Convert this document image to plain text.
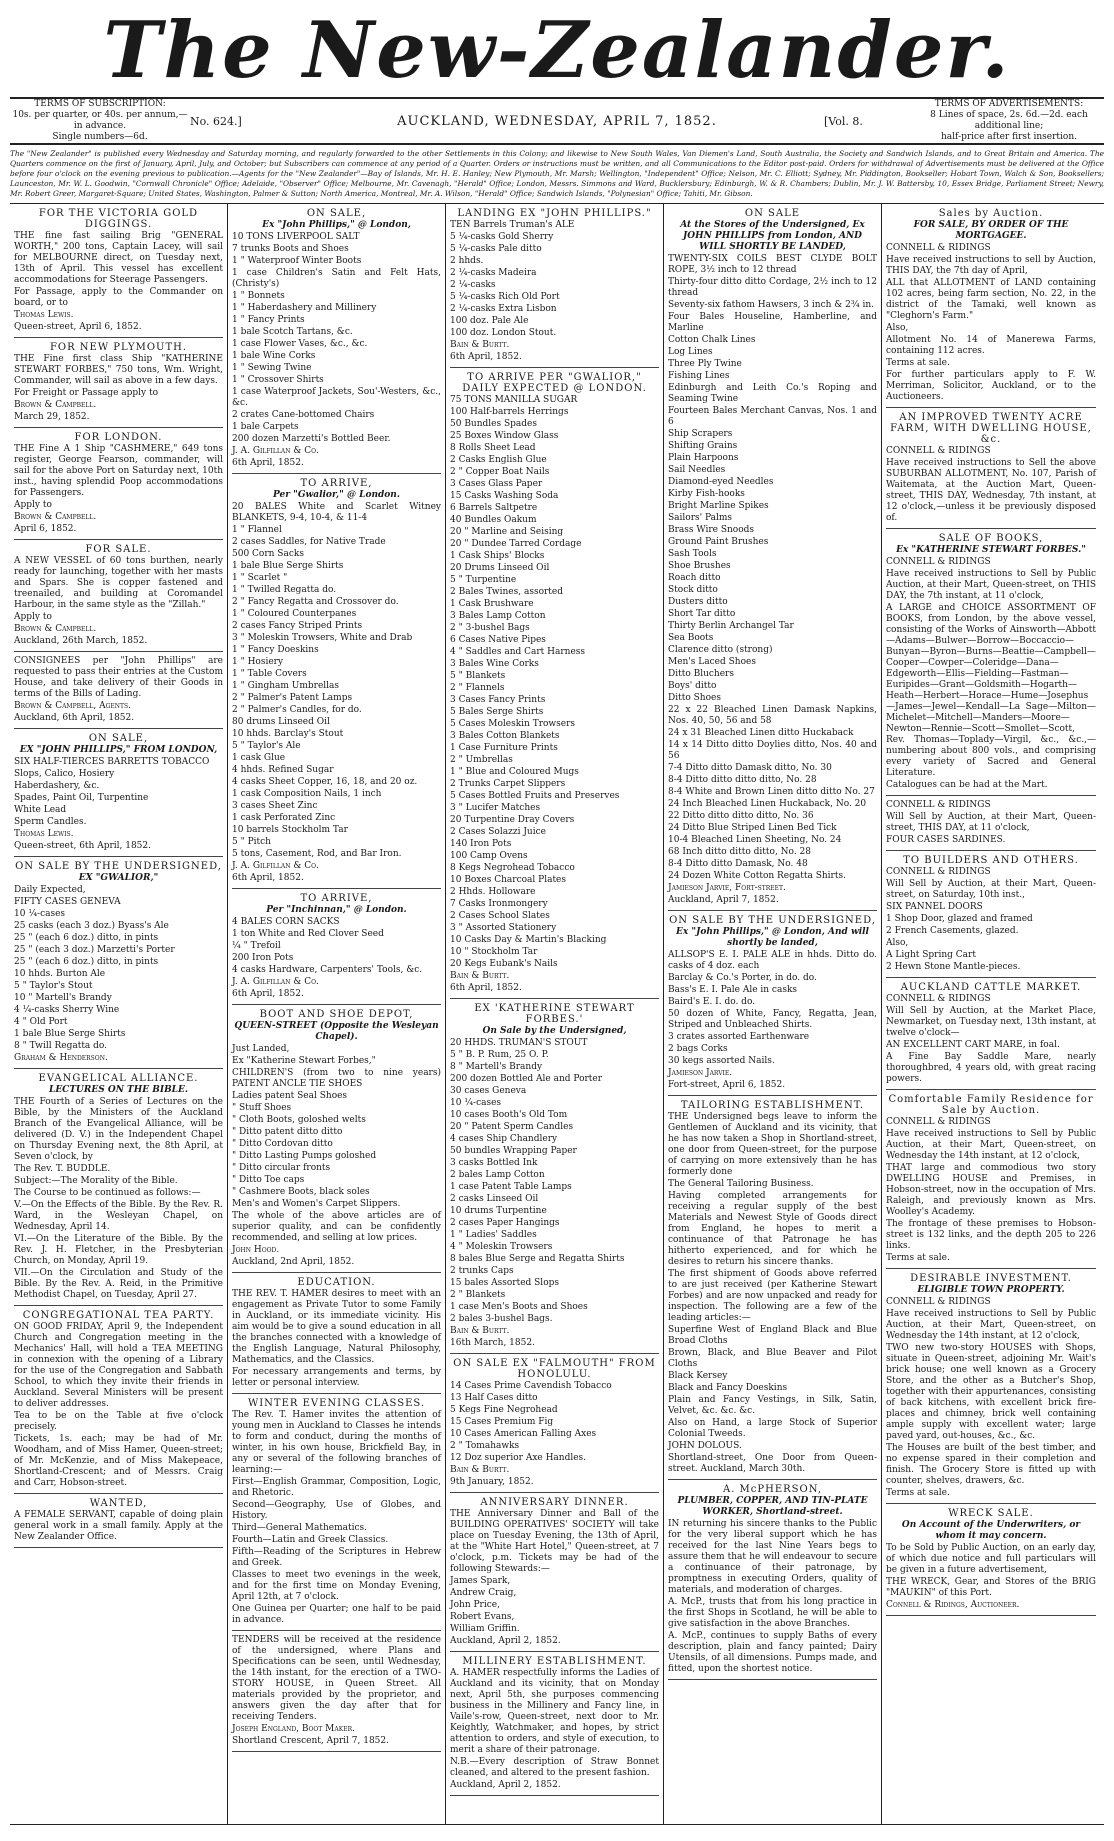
The New-Zealander.
TERMS OF SUBSCRIPTION:
10s. per quarter, or 40s. per annum,—in advance.
Single numbers—6d.
No. 624.]	AUCKLAND, WEDNESDAY, APRIL 7, 1852.	[Vol. 8.
TERMS OF ADVERTISEMENTS:
8 Lines of space, 2s. 6d.—2d. each additional line;
half-price after first insertion.
The "New Zealander" is published every Wednesday and Saturday morning, and regularly forwarded to the other Settlements in this Colony; and likewise to New South Wales, Van Diemen's Land, South Australia, the Society and Sandwich Islands, and to Great Britain and America. The Quarters commence on the first of January, April, July, and October; but Subscribers can commence at any period of a Quarter. Orders or instructions must be written, and all Communications to the Editor post-paid. Orders for withdrawal of Advertisements must be delivered at the Office before four o'clock on the evening previous to publication.—Agents for the "New Zealander"—Bay of Islands, Mr. H. E. Hanley; New Plymouth, Mr. Marsh; Wellington, "Independent" Office; Nelson, Mr. C. Elliott; Sydney, Mr. Piddington, Bookseller; Hobart Town, Walch & Son, Booksellers; Launceston, Mr. W. L. Goodwin, "Cornwall Chronicle" Office; Adelaide, "Observer" Office; Melbourne, Mr. Cavenagh, "Herald" Office; London, Messrs. Simmons and Ward, Bucklersbury; Edinburgh, W. & R. Chambers; Dublin, Mr. J. W. Battersby, 10, Essex Bridge, Parliament Street; Newry, Mr. Robert Greer, Margaret-Square; United States, Washington, Palmer & Sutton; North America, Montreal, Mr. A. Wilson, "Herald" Office; Sandwich Islands, "Polynesian" Office; Tahiti, Mr. Gibson.
FOR THE VICTORIA GOLD DIGGINGS.

THE fine fast sailing Brig "GENERAL WORTH," 200 tons, Captain Lacey, will sail for MELBOURNE direct, on Tuesday next, 13th of April. This vessel has excellent accommodations for Steerage Passengers.

For Passage, apply to the Commander on board, or to

Thomas Lewis.

Queen-street, April 6, 1852.

FOR NEW PLYMOUTH.

THE Fine first class Ship "KATHERINE STEWART FORBES," 750 tons, Wm. Wright, Commander, will sail as above in a few days.

For Freight or Passage apply to

Brown & Campbell.

March 29, 1852.

FOR LONDON.

THE Fine A 1 Ship "CASHMERE," 649 tons register, George Fearson, commander, will sail for the above Port on Saturday next, 10th inst., having splendid Poop accommodations for Passengers.

Apply to

Brown & Campbell.

April 6, 1852.

FOR SALE.

A NEW VESSEL of 60 tons burthen, nearly ready for launching, together with her masts and Spars. She is copper fastened and treenailed, and building at Coromandel Harbour, in the same style as the "Zillah."

Apply to

Brown & Campbell.

Auckland, 26th March, 1852.

CONSIGNEES per "John Phillips" are requested to pass their entries at the Custom House, and take delivery of their Goods in terms of the Bills of Lading.

Brown & Campbell, Agents.

Auckland, 6th April, 1852.

ON SALE,
EX "JOHN PHILLIPS," FROM LONDON,

SIX HALF-TIERCES BARRETTS TOBACCO

Slops, Calico, Hosiery

Haberdashery, &c.

Spades, Paint Oil, Turpentine

White Lead

Sperm Candles.

Thomas Lewis.

Queen-street, 6th April, 1852.

ON SALE BY THE UNDERSIGNED,
EX "GWALIOR,"

Daily Expected,

FIFTY CASES GENEVA

10 ¼-cases

25 casks (each 3 doz.) Byass's Ale

25 " (each 6 doz.) ditto, in pints

25 " (each 3 doz.) Marzetti's Porter

25 " (each 6 doz.) ditto, in pints

10 hhds. Burton Ale

5 " Taylor's Stout

10 " Martell's Brandy

4 ¼-casks Sherry Wine

4 " Old Port

1 bale Blue Serge Shirts

8 " Twill Regatta do.

Graham & Henderson.

EVANGELICAL ALLIANCE.
LECTURES ON THE BIBLE.

THE Fourth of a Series of Lectures on the Bible, by the Ministers of the Auckland Branch of the Evangelical Alliance, will be delivered (D. V.) in the Independent Chapel on Thursday Evening next, the 8th April, at Seven o'clock, by

The Rev. T. BUDDLE.

Subject:—The Morality of the Bible.

The Course to be continued as follows:—

V.—On the Effects of the Bible. By the Rev. R. Ward, in the Wesleyan Chapel, on Wednesday, April 14.

VI.—On the Literature of the Bible. By the Rev. J. H. Fletcher, in the Presbyterian Church, on Monday, April 19.

VII.—On the Circulation and Study of the Bible. By the Rev. A. Reid, in the Primitive Methodist Chapel, on Tuesday, April 27.

CONGREGATIONAL TEA PARTY.

ON GOOD FRIDAY, April 9, the Independent Church and Congregation meeting in the Mechanics' Hall, will hold a TEA MEETING in connexion with the opening of a Library for the use of the Congregation and Sabbath School, to which they invite their friends in Auckland. Several Ministers will be present to deliver addresses.

Tea to be on the Table at five o'clock precisely.

Tickets, 1s. each; may be had of Mr. Woodham, and of Miss Hamer, Queen-street; of Mr. McKenzie, and of Miss Makepeace, Shortland-Crescent; and of Messrs. Craig and Carr, Hobson-street.

WANTED,

A FEMALE SERVANT, capable of doing plain general work in a small family. Apply at the New Zealander Office.

ON SALE,
Ex "John Phillips," @ London,

10 TONS LIVERPOOL SALT

7 trunks Boots and Shoes

1 " Waterproof Winter Boots

1 case Children's Satin and Felt Hats, (Christy's)

1 " Bonnets

1 " Haberdashery and Millinery

1 " Fancy Prints

1 bale Scotch Tartans, &c.

1 case Flower Vases, &c., &c.

1 bale Wine Corks

1 " Sewing Twine

1 " Crossover Shirts

1 case Waterproof Jackets, Sou'-Westers, &c., &c.

2 crates Cane-bottomed Chairs

1 bale Carpets

200 dozen Marzetti's Bottled Beer.

J. A. Gilfillan & Co.

6th April, 1852.

TO ARRIVE,
Per "Gwalior," @ London.

20 BALES White and Scarlet Witney BLANKETS, 9-4, 10-4, & 11-4

1 " Flannel

2 cases Saddles, for Native Trade

500 Corn Sacks

1 bale Blue Serge Shirts

1 " Scarlet "

1 " Twilled Regatta do.

2 " Fancy Regatta and Crossover do.

1 " Coloured Counterpanes

2 cases Fancy Striped Prints

3 " Moleskin Trowsers, White and Drab

1 " Fancy Doeskins

1 " Hosiery

1 " Table Covers

1 " Gingham Umbrellas

2 " Palmer's Patent Lamps

2 " Palmer's Candles, for do.

80 drums Linseed Oil

10 hhds. Barclay's Stout

5 " Taylor's Ale

1 cask Glue

4 hhds. Refined Sugar

4 casks Sheet Copper, 16, 18, and 20 oz.

1 cask Composition Nails, 1 inch

3 cases Sheet Zinc

1 cask Perforated Zinc

10 barrels Stockholm Tar

5 " Pitch

5 tons, Casement, Rod, and Bar Iron.

J. A. Gilfillan & Co.

6th April, 1852.

TO ARRIVE,
Per "Inchinnan," @ London.

4 BALES CORN SACKS

1 ton White and Red Clover Seed

¼ " Trefoil

200 Iron Pots

4 casks Hardware, Carpenters' Tools, &c.

J. A. Gilfillan & Co.

6th April, 1852.

BOOT AND SHOE DEPOT,
QUEEN-STREET (Opposite the Wesleyan Chapel).

Just Landed,

Ex "Katherine Stewart Forbes,"

CHILDREN'S (from two to nine years) PATENT ANCLE TIE SHOES

Ladies patent Seal Shoes

" Stuff Shoes

" Cloth Boots, goloshed welts

" Ditto patent ditto ditto

" Ditto Cordovan ditto

" Ditto Lasting Pumps goloshed

" Ditto circular fronts

" Ditto Toe caps

" Cashmere Boots, black soles

Men's and Women's Carpet Slippers.

The whole of the above articles are of superior quality, and can be confidently recommended, and selling at low prices.

John Hood.

Auckland, 2nd April, 1852.

EDUCATION.

THE REV. T. HAMER desires to meet with an engagement as Private Tutor to some Family in Auckland, or its immediate vicinity. His aim would be to give a sound education in all the branches connected with a knowledge of the English Language, Natural Philosophy, Mathematics, and the Classics.

For necessary arrangements and terms, by letter or personal interview.

WINTER EVENING CLASSES.

The Rev. T. Hamer invites the attention of young men in Auckland to Classes he intends to form and conduct, during the months of winter, in his own house, Brickfield Bay, in any or several of the following branches of learning:—

First—English Grammar, Composition, Logic, and Rhetoric.

Second—Geography, Use of Globes, and History.

Third—General Mathematics.

Fourth—Latin and Greek Classics.

Fifth—Reading of the Scriptures in Hebrew and Greek.

Classes to meet two evenings in the week, and for the first time on Monday Evening, April 12th, at 7 o'clock.

One Guinea per Quarter; one half to be paid in advance.

TENDERS will be received at the residence of the undersigned, where Plans and Specifications can be seen, until Wednesday, the 14th instant, for the erection of a TWO-STORY HOUSE, in Queen Street. All materials provided by the proprietor, and answers given the day after that for receiving Tenders.

Joseph England, Boot Maker.

Shortland Crescent, April 7, 1852.

LANDING EX "JOHN PHILLIPS."

TEN Barrels Truman's ALE

5 ¼-casks Gold Sherry

5 ¼-casks Pale ditto

2 hhds.

2 ¼-casks Madeira

2 ¼-casks

5 ¼-casks Rich Old Port

2 ¼-casks Extra Lisbon

100 doz. Pale Ale

100 doz. London Stout.

Bain & Burtt.

6th April, 1852.

TO ARRIVE PER "GWALIOR," DAILY EXPECTED @ LONDON.

75 TONS MANILLA SUGAR

100 Half-barrels Herrings

50 Bundles Spades

25 Boxes Window Glass

8 Rolls Sheet Lead

2 Casks English Glue

2 " Copper Boat Nails

3 Cases Glass Paper

15 Casks Washing Soda

6 Barrels Saltpetre

40 Bundles Oakum

20 " Marline and Seising

20 " Dundee Tarred Cordage

1 Cask Ships' Blocks

20 Drums Linseed Oil

5 " Turpentine

2 Bales Twines, assorted

1 Cask Brushware

3 Bales Lamp Cotton

2 " 3-bushel Bags

6 Cases Native Pipes

4 " Saddles and Cart Harness

3 Bales Wine Corks

5 " Blankets

2 " Flannels

3 Cases Fancy Prints

5 Bales Serge Shirts

5 Cases Moleskin Trowsers

3 Bales Cotton Blankets

1 Case Furniture Prints

2 " Umbrellas

1 " Blue and Coloured Mugs

2 Trunks Carpet Slippers

5 Cases Bottled Fruits and Preserves

3 " Lucifer Matches

20 Turpentine Dray Covers

2 Cases Solazzi Juice

140 Iron Pots

100 Camp Ovens

8 Kegs Negrohead Tobacco

10 Boxes Charcoal Plates

2 Hhds. Holloware

7 Casks Ironmongery

2 Cases School Slates

3 " Assorted Stationery

10 Casks Day & Martin's Blacking

10 " Stockholm Tar

20 Kegs Eubank's Nails

Bain & Burtt.

6th April, 1852.

EX 'KATHERINE STEWART FORBES.'
On Sale by the Undersigned,

20 HHDS. TRUMAN'S STOUT

5 " B. P. Rum, 25 O. P.

8 " Martell's Brandy

200 dozen Bottled Ale and Porter

30 cases Geneva

10 ¼-cases

10 cases Booth's Old Tom

20 " Patent Sperm Candles

4 cases Ship Chandlery

50 bundles Wrapping Paper

3 casks Bottled Ink

2 bales Lamp Cotton

1 case Patent Table Lamps

2 casks Linseed Oil

10 drums Turpentine

2 cases Paper Hangings

1 " Ladies' Saddles

4 " Moleskin Trowsers

8 bales Blue Serge and Regatta Shirts

2 trunks Caps

15 bales Assorted Slops

2 " Blankets

1 case Men's Boots and Shoes

2 bales 3-bushel Bags.

Bain & Burtt.

16th March, 1852.

ON SALE EX "FALMOUTH" FROM HONOLULU.

14 Cases Prime Cavendish Tobacco

13 Half Cases ditto

5 Kegs Fine Negrohead

15 Cases Premium Fig

10 Cases American Falling Axes

2 " Tomahawks

12 Doz superior Axe Handles.

Bain & Burtt.

9th January, 1852.

ANNIVERSARY DINNER.

THE Anniversary Dinner and Ball of the BUILDING OPERATIVES' SOCIETY will take place on Tuesday Evening, the 13th of April, at the "White Hart Hotel," Queen-street, at 7 o'clock, p.m. Tickets may be had of the following Stewards:—

James Spark,

Andrew Craig,

John Price,

Robert Evans,

William Griffin.

Auckland, April 2, 1852.

MILLINERY ESTABLISHMENT.

A. HAMER respectfully informs the Ladies of Auckland and its vicinity, that on Monday next, April 5th, she purposes commencing business in the Millinery and Fancy line, in Vaile's-row, Queen-street, next door to Mr. Keightly, Watchmaker, and hopes, by strict attention to orders, and style of execution, to merit a share of their patronage.

N.B.—Every description of Straw Bonnet cleaned, and altered to the present fashion.

Auckland, April 2, 1852.

ON SALE
At the Stores of the Undersigned, Ex JOHN PHILLIPS from London, AND WILL SHORTLY BE LANDED,

TWENTY-SIX COILS BEST CLYDE BOLT ROPE, 3½ inch to 12 thread

Thirty-four ditto ditto Cordage, 2½ inch to 12 thread

Seventy-six fathom Hawsers, 3 inch & 2¾ in.

Four Bales Houseline, Hamberline, and Marline

Cotton Chalk Lines

Log Lines

Three Ply Twine

Fishing Lines

Edinburgh and Leith Co.'s Roping and Seaming Twine

Fourteen Bales Merchant Canvas, Nos. 1 and 6

Ship Scrapers

Shifting Grains

Plain Harpoons

Sail Needles

Diamond-eyed Needles

Kirby Fish-hooks

Bright Marline Spikes

Sailors' Palms

Brass Wire Snoods

Ground Paint Brushes

Sash Tools

Shoe Brushes

Roach ditto

Stock ditto

Dusters ditto

Short Tar ditto

Thirty Berlin Archangel Tar

Sea Boots

Clarence ditto (strong)

Men's Laced Shoes

Ditto Bluchers

Boys' ditto

Ditto Shoes

22 x 22 Bleached Linen Damask Napkins, Nos. 40, 50, 56 and 58

24 x 31 Bleached Linen ditto Huckaback

14 x 14 Ditto ditto Doylies ditto, Nos. 40 and 56

7-4 Ditto ditto Damask ditto, No. 30

8-4 Ditto ditto ditto ditto, No. 28

8-4 White and Brown Linen ditto ditto No. 27

24 Inch Bleached Linen Huckaback, No. 20

22 Ditto ditto ditto ditto, No. 36

24 Ditto Blue Striped Linen Bed Tick

10-4 Bleached Linen Sheeting, No. 24

68 Inch ditto ditto ditto, No. 28

8-4 Ditto ditto Damask, No. 48

24 Dozen White Cotton Regatta Shirts.

Jamieson Jarvie, Fort-street.

Auckland, April 7, 1852.

ON SALE BY THE UNDERSIGNED,
Ex "John Phillips," @ London, And will shortly be landed,

ALLSOP'S E. I. PALE ALE in hhds. Ditto do. casks of 4 doz. each

Barclay & Co.'s Porter, in do. do.

Bass's E. I. Pale Ale in casks

Baird's E. I. do. do.

50 dozen of White, Fancy, Regatta, Jean, Striped and Unbleached Shirts.

3 crates assorted Earthenware

2 bags Corks

30 kegs assorted Nails.

Jamieson Jarvie.

Fort-street, April 6, 1852.

TAILORING ESTABLISHMENT.

THE Undersigned begs leave to inform the Gentlemen of Auckland and its vicinity, that he has now taken a Shop in Shortland-street, one door from Queen-street, for the purpose of carrying on more extensively than he has formerly done

The General Tailoring Business.

Having completed arrangements for receiving a regular supply of the best Materials and Newest Style of Goods direct from England, he hopes to merit a continuance of that Patronage he has hitherto experienced, and for which he desires to return his sincere thanks.

The first shipment of Goods above referred to are just received (per Katherine Stewart Forbes) and are now unpacked and ready for inspection. The following are a few of the leading articles:—

Superfine West of England Black and Blue Broad Cloths

Brown, Black, and Blue Beaver and Pilot Cloths

Black Kersey

Black and Fancy Doeskins

Plain and Fancy Vestings, in Silk, Satin, Velvet, &c. &c. &c.

Also on Hand, a large Stock of Superior Colonial Tweeds.

JOHN DOLOUS.

Shortland-street, One Door from Queen-street. Auckland, March 30th.

A. McPHERSON,
PLUMBER, COPPER, AND TIN-PLATE WORKER, Shortland-street.

IN returning his sincere thanks to the Public for the very liberal support which he has received for the last Nine Years begs to assure them that he will endeavour to secure a continuance of their patronage, by promptness in executing Orders, quality of materials, and moderation of charges.

A. McP., trusts that from his long practice in the first Shops in Scotland, he will be able to give satisfaction in the above Branches.

A. McP., continues to supply Baths of every description, plain and fancy painted; Dairy Utensils, of all dimensions. Pumps made, and fitted, upon the shortest notice.

Sales by Auction.
FOR SALE, BY ORDER OF THE MORTGAGEE.

CONNELL & RIDINGS

Have received instructions to sell by Auction, THIS DAY, the 7th day of April,

ALL that ALLOTMENT of LAND containing 102 acres, being farm section, No. 22, in the district of the Tamaki, well known as "Cleghorn's Farm."

Also,

Allotment No. 14 of Manerewa Farms, containing 112 acres.

Terms at sale.

For further particulars apply to F. W. Merriman, Solicitor, Auckland, or to the Auctioneers.

AN IMPROVED TWENTY ACRE FARM, WITH DWELLING HOUSE, &c.

CONNELL & RIDINGS

Have received instructions to Sell the above SUBURBAN ALLOTMENT, No. 107, Parish of Waitemata, at the Auction Mart, Queen-street, THIS DAY, Wednesday, 7th instant, at 12 o'clock,—unless it be previously disposed of.

SALE OF BOOKS,
Ex "KATHERINE STEWART FORBES."

CONNELL & RIDINGS

Have received instructions to Sell by Public Auction, at their Mart, Queen-street, on THIS DAY, the 7th instant, at 11 o'clock,

A LARGE and CHOICE ASSORTMENT OF BOOKS, from London, by the above vessel, consisting of the Works of Ainsworth—Abbott—Adams—Bulwer—Borrow—Boccaccio—Bunyan—Byron—Burns—Beattie—Campbell—Cooper—Cowper—Coleridge—Dana—Edgeworth—Ellis—Fielding—Fastman—Euripides—Grant—Goldsmith—Hogarth—Heath—Herbert—Horace—Hume—Josephus—James—Jewel—Kendall—La Sage—Milton—Michelet—Mitchell—Manders—Moore—Newton—Rennie—Scott—Smollet—Scott, Rev. Thomas—Toplady—Virgil, &c., &c.,—numbering about 800 vols., and comprising every variety of Sacred and General Literature.

Catalogues can be had at the Mart.

CONNELL & RIDINGS

Will Sell by Auction, at their Mart, Queen-street, THIS DAY, at 11 o'clock,

FOUR CASES SARDINES.

TO BUILDERS AND OTHERS.

CONNELL & RIDINGS

Will Sell by Auction, at their Mart, Queen-street, on Saturday, 10th inst.,

SIX PANNEL DOORS

1 Shop Door, glazed and framed

2 French Casements, glazed.

Also,

A Light Spring Cart

2 Hewn Stone Mantle-pieces.

AUCKLAND CATTLE MARKET.

CONNELL & RIDINGS

Will Sell by Auction, at the Market Place, Newmarket, on Tuesday next, 13th instant, at twelve o'clock—

AN EXCELLENT CART MARE, in foal.

A Fine Bay Saddle Mare, nearly thoroughbred, 4 years old, with great racing powers.

Comfortable Family Residence for Sale by Auction.

CONNELL & RIDINGS

Have received instructions to Sell by Public Auction, at their Mart, Queen-street, on Wednesday the 14th instant, at 12 o'clock,

THAT large and commodious two story DWELLING HOUSE and Premises, in Hobson-street, now in the occupation of Mrs. Raleigh, and previously known as Mrs. Woolley's Academy.

The frontage of these premises to Hobson-street is 132 links, and the depth 205 to 226 links.

Terms at sale.

DESIRABLE INVESTMENT.
ELIGIBLE TOWN PROPERTY.

CONNELL & RIDINGS

Have received instructions to Sell by Public Auction, at their Mart, Queen-street, on Wednesday the 14th instant, at 12 o'clock,

TWO new two-story HOUSES with Shops, situate in Queen-street, adjoining Mr. Wait's brick house; one well known as a Grocery Store, and the other as a Butcher's Shop, together with their appurtenances, consisting of back kitchens, with excellent brick fire-places and chimney, brick well containing ample supply with excellent water; large paved yard, out-houses, &c., &c.

The Houses are built of the best timber, and no expense spared in their completion and finish. The Grocery Store is fitted up with counter, shelves, drawers, &c.

Terms at sale.

WRECK SALE.
On Account of the Underwriters, or whom it may concern.

To be Sold by Public Auction, on an early day, of which due notice and full particulars will be given in a future advertisement,

THE WRECK, Gear, and Stores of the BRIG "MAUKIN" of this Port.

Connell & Ridings, Auctioneer.
